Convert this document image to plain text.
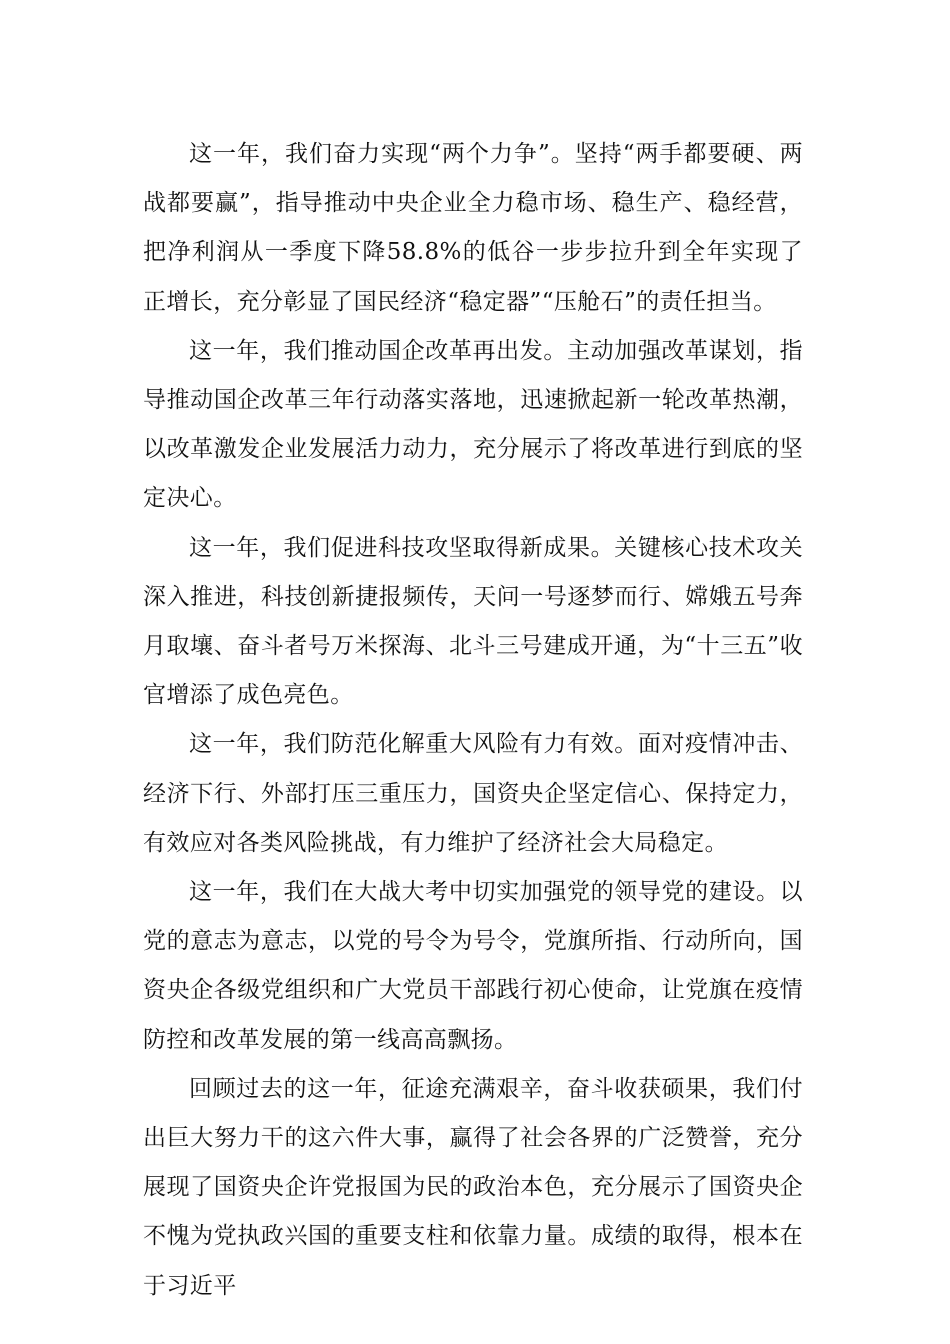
这一年，我们奋力实现“两个力争”。坚持“两手都要硬、两战都要赢”，指导推动中央企业全力稳市场、稳生产、稳经营，把净利润从一季度下降58.8%的低谷一步步拉升到全年实现了正增长，充分彰显了国民经济“稳定器”“压舱石”的责任担当。

这一年，我们推动国企改革再出发。主动加强改革谋划，指导推动国企改革三年行动落实落地，迅速掀起新一轮改革热潮，以改革激发企业发展活力动力，充分展示了将改革进行到底的坚定决心。

这一年，我们促进科技攻坚取得新成果。关键核心技术攻关深入推进，科技创新捷报频传，天问一号逐梦而行、嫦娥五号奔月取壤、奋斗者号万米探海、北斗三号建成开通，为“十三五”收官增添了成色亮色。

这一年，我们防范化解重大风险有力有效。面对疫情冲击、经济下行、外部打压三重压力，国资央企坚定信心、保持定力，有效应对各类风险挑战，有力维护了经济社会大局稳定。

这一年，我们在大战大考中切实加强党的领导党的建设。以党的意志为意志，以党的号令为号令，党旗所指、行动所向，国资央企各级党组织和广大党员干部践行初心使命，让党旗在疫情防控和改革发展的第一线高高飘扬。

回顾过去的这一年，征途充满艰辛，奋斗收获硕果，我们付出巨大努力干的这六件大事，赢得了社会各界的广泛赞誉，充分展现了国资央企许党报国为民的政治本色，充分展示了国资央企不愧为党执政兴国的重要支柱和依靠力量。成绩的取得，根本在于习近平
